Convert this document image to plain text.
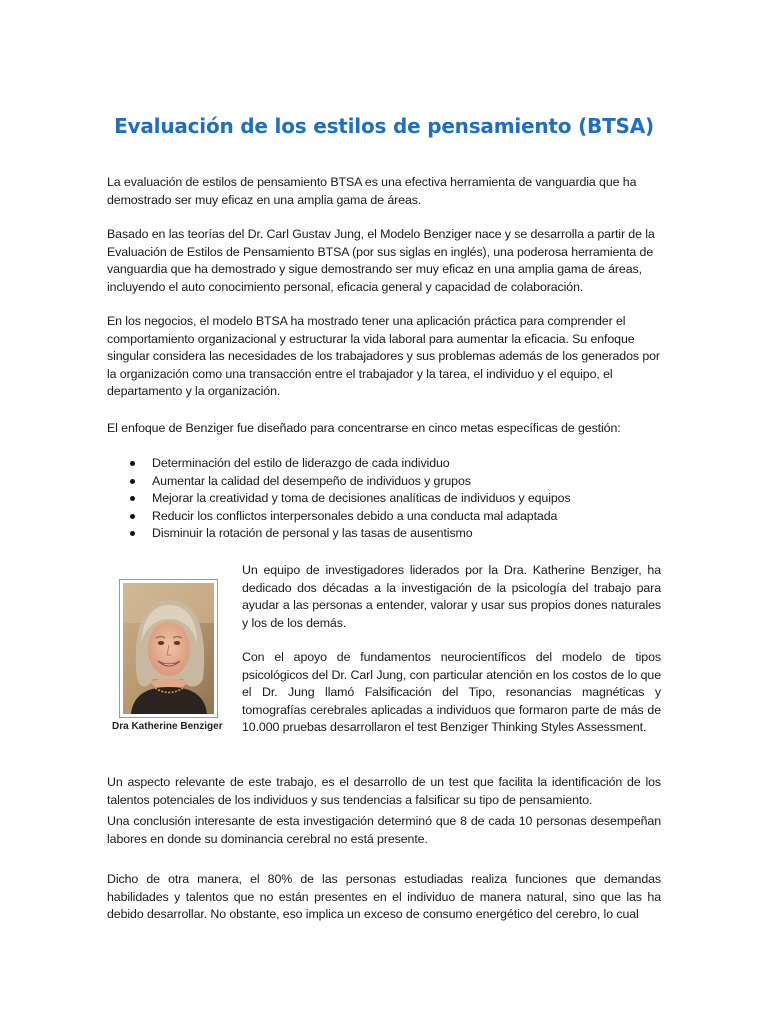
Evaluación de los estilos de pensamiento (BTSA)

La evaluación de estilos de pensamiento BTSA es una efectiva herramienta de vanguardia que ha demostrado ser muy eficaz en una amplia gama de áreas.

Basado en las teorías del Dr. Carl Gustav Jung, el Modelo Benziger nace y se desarrolla a partir de la Evaluación de Estilos de Pensamiento BTSA (por sus siglas en inglés), una poderosa herramienta de vanguardia que ha demostrado y sigue demostrando ser muy eficaz en una amplia gama de áreas, incluyendo el auto conocimiento personal, eficacia general y capacidad de colaboración.

En los negocios, el modelo BTSA ha mostrado tener una aplicación práctica para comprender el comportamiento organizacional y estructurar la vida laboral para aumentar la eficacia. Su enfoque singular considera las necesidades de los trabajadores y sus problemas además de los generados por la organización como una transacción entre el trabajador y la tarea, el individuo y el equipo, el departamento y la organización.

El enfoque de Benziger fue diseñado para concentrarse en cinco metas específicas de gestión:

Determinación del estilo de liderazgo de cada individuo
Aumentar la calidad del desempeño de individuos y grupos
Mejorar la creatividad y toma de decisiones analíticas de individuos y equipos
Reducir los conflictos interpersonales debido a una conducta mal adaptada
Disminuir la rotación de personal y las tasas de ausentismo
Dra Katherine Benziger

Un equipo de investigadores liderados por la Dra. Katherine Benziger, ha dedicado dos décadas a la investigación de la psicología del trabajo para ayudar a las personas a entender, valorar y usar sus propios dones naturales y los de los demás.

Con el apoyo de fundamentos neurocientíficos del modelo de tipos psicológicos del Dr. Carl Jung, con particular atención en los costos de lo que el Dr. Jung llamó Falsificación del Tipo, resonancias magnéticas y tomografías cerebrales aplicadas a individuos que formaron parte de más de 10.000 pruebas desarrollaron el test Benziger Thinking Styles Assessment.

Un aspecto relevante de este trabajo, es el desarrollo de un test que facilita la identificación de los talentos potenciales de los individuos y sus tendencias a falsificar su tipo de pensamiento.

Una conclusión interesante de esta investigación determinó que 8 de cada 10 personas desempeñan labores en donde su dominancia cerebral no está presente.

Dicho de otra manera, el 80% de las personas estudiadas realiza funciones que demandas habilidades y talentos que no están presentes en el individuo de manera natural, sino que las ha debido desarrollar. No obstante, eso implica un exceso de consumo energético del cerebro, lo cual
